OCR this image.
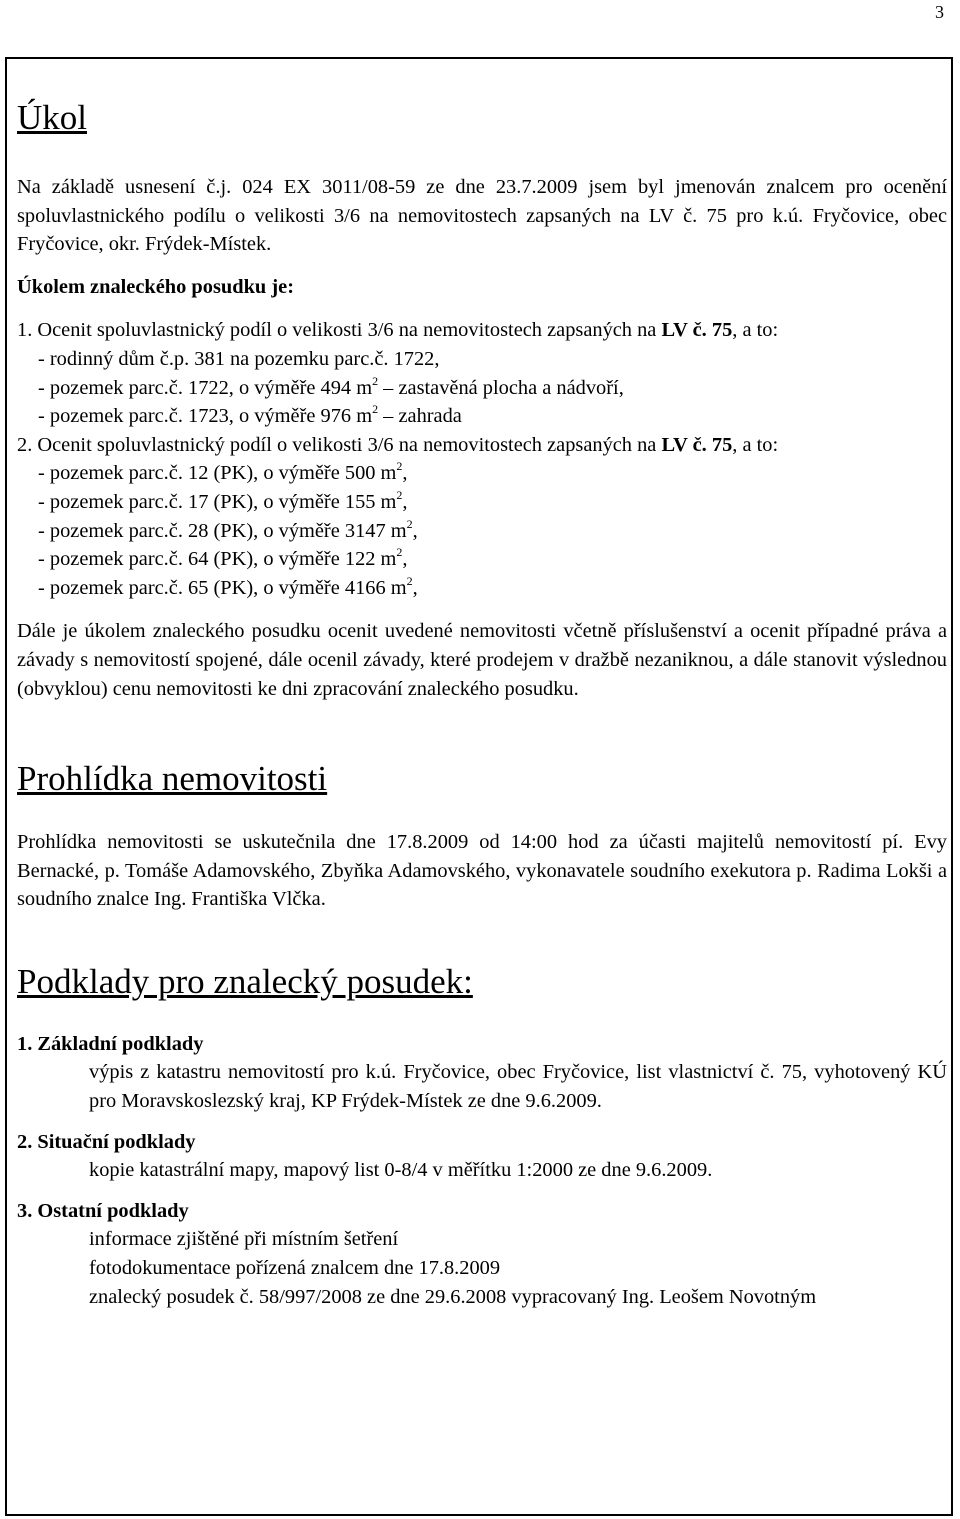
3
Úkol

Na základě usnesení č.j. 024 EX 3011/08-59 ze dne 23.7.2009 jsem byl jmenován znalcem pro ocenění spoluvlastnického podílu o velikosti 3/6 na nemovitostech zapsaných na LV č. 75 pro k.ú. Fryčovice, obec Fryčovice, okr. Frýdek-Místek.

Úkolem znaleckého posudku je:

1. Ocenit spoluvlastnický podíl o velikosti 3/6 na nemovitostech zapsaných na LV č. 75, a to:

- rodinný dům č.p. 381 na pozemku parc.č. 1722,
- pozemek parc.č. 1722, o výměře 494 $m^2$ – zastavěná plocha a nádvoří,
- pozemek parc.č. 1723, o výměře 976 $m^2$ – zahrada

2. Ocenit spoluvlastnický podíl o velikosti 3/6 na nemovitostech zapsaných na LV č. 75, a to:

- pozemek parc.č. 12 (PK), o výměře 500 $m^2$,
- pozemek parc.č. 17 (PK), o výměře 155 $m^2$,
- pozemek parc.č. 28 (PK), o výměře 3147 $m^2$,
- pozemek parc.č. 64 (PK), o výměře 122 $m^2$,
- pozemek parc.č. 65 (PK), o výměře 4166 $m^2$,

Dále je úkolem znaleckého posudku ocenit uvedené nemovitosti včetně příslušenství a ocenit případné práva a závady s nemovitostí spojené, dále ocenil závady, které prodejem v dražbě nezaniknou, a dále stanovit výslednou (obvyklou) cenu nemovitosti ke dni zpracování znaleckého posudku.

Prohlídka nemovitosti

Prohlídka nemovitosti se uskutečnila dne 17.8.2009 od 14:00 hod za účasti majitelů nemovitostí pí. Evy Bernacké, p. Tomáše Adamovského, Zbyňka Adamovského, vykonavatele soudního exekutora p. Radima Lokši a soudního znalce Ing. Františka Vlčka.

Podklady pro znalecký posudek:

1. Základní podklady

výpis z katastru nemovitostí pro k.ú. Fryčovice, obec Fryčovice, list vlastnictví č. 75, vyhotovený KÚ pro Moravskoslezský kraj, KP Frýdek-Místek ze dne 9.6.2009.

2. Situační podklady

kopie katastrální mapy, mapový list 0-8/4 v měřítku 1:2000 ze dne 9.6.2009.

3. Ostatní podklady

informace zjištěné při místním šetření
fotodokumentace pořízená znalcem dne 17.8.2009
znalecký posudek č. 58/997/2008 ze dne 29.6.2008 vypracovaný Ing. Leošem Novotným
